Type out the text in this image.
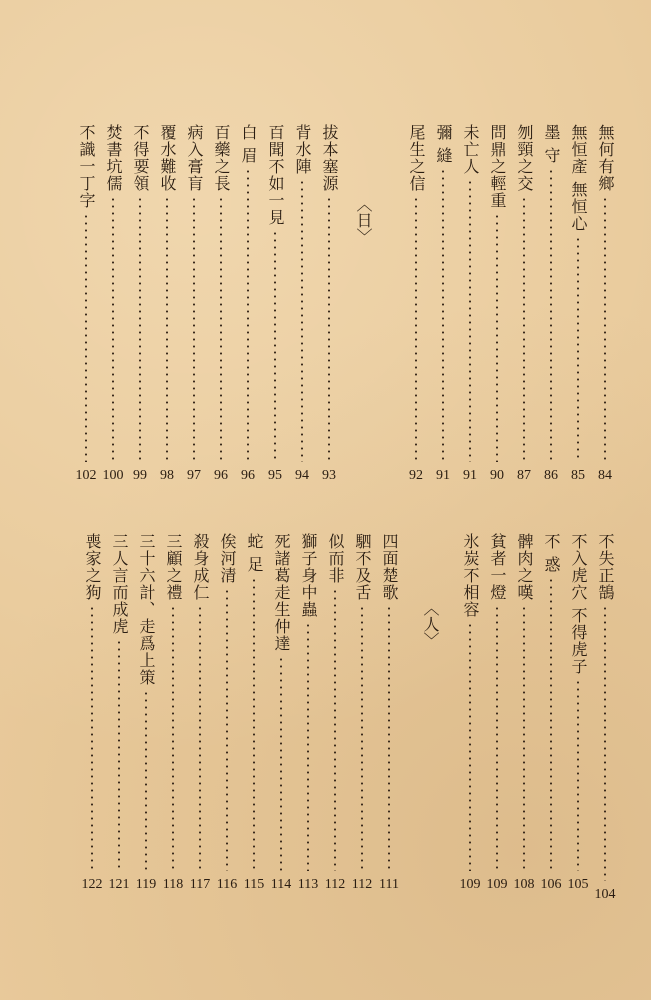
無何有鄉
84
無恒產 無恒心
85
墨 守
86
刎頸之交
87
問鼎之輕重
90
未亡人
91
彌 縫
91
尾生之信
92
〈日〉
拔本塞源
93
背水陣
94
百聞不如一見
95
白 眉
96
百藥之長
96
病入膏肓
97
覆水難收
98
不得要領
99
焚書坑儒
100
不識一丁字
102
不失正鵠
104
不入虎穴 不得虎子
105
不 惑
106
髀肉之嘆
108
貧者一燈
109
氷炭不相容
109
〈人〉
四面楚歌
111
駟不及舌
112
似而非
112
獅子身中蟲
113
死諸葛走生仲達
114
蛇 足
115
俟河清
116
殺身成仁
117
三顧之禮
118
三十六計、走爲上策
119
三人言而成虎
121
喪家之狗
122
